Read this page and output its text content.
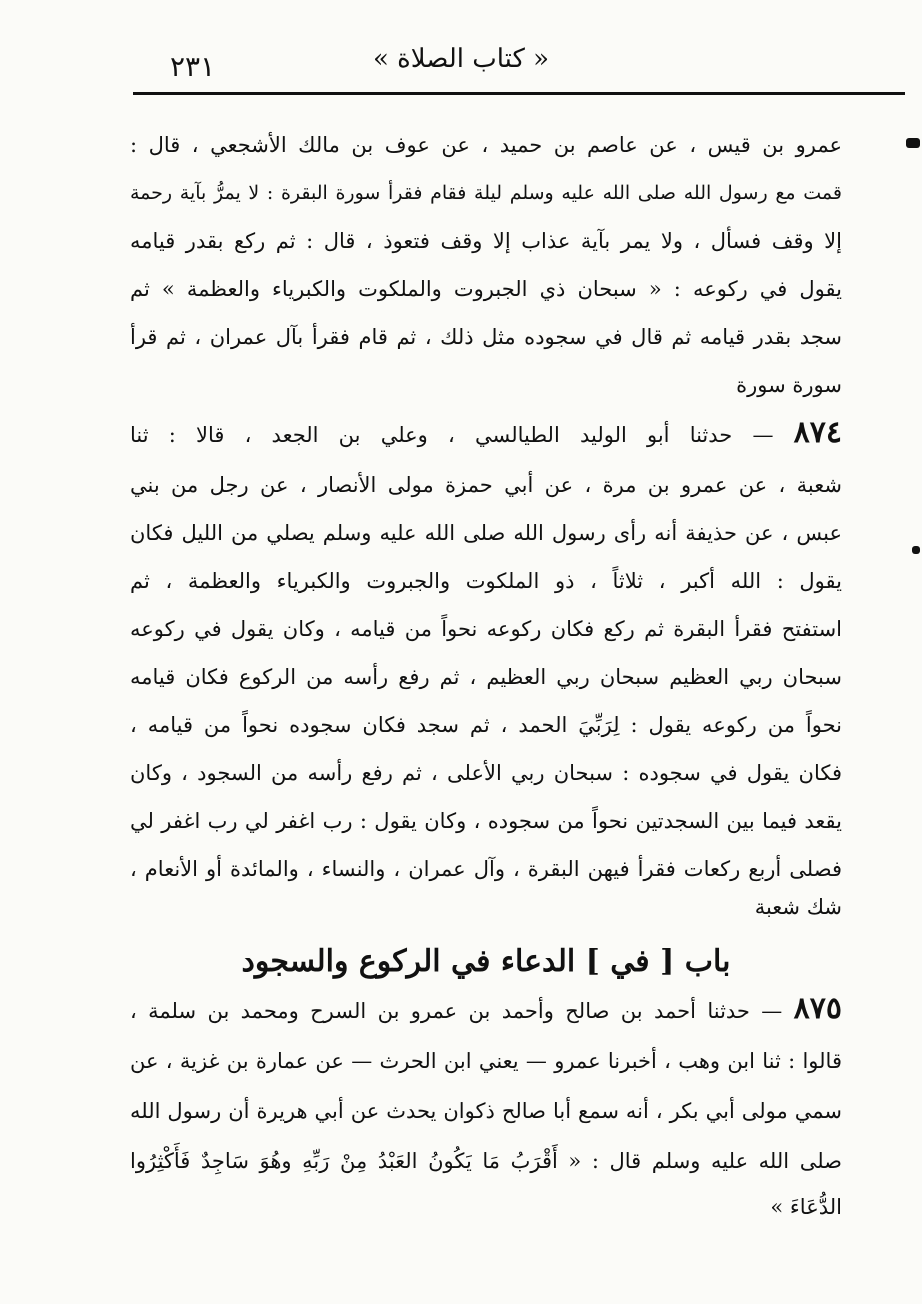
« كتاب الصلاة »
٢٣١
عمرو بن قيس ، عن عاصم بن حميد ، عن عوف بن مالك الأشجعي ، قال :
قمت مع رسول الله صلى الله عليه وسلم ليلة فقام فقرأ سورة البقرة : لا يمرُّ بآية رحمة
إلا وقف فسأل ، ولا يمر بآية عذاب إلا وقف فتعوذ ، قال : ثم ركع بقدر قيامه
يقول في ركوعه : « سبحان ذي الجبروت والملكوت والكبرياء والعظمة » ثم
سجد بقدر قيامه ثم قال في سجوده مثل ذلك ، ثم قام فقرأ بآل عمران ، ثم قرأ
سورة سورة
٨٧٤ — حدثنا أبو الوليد الطيالسي ، وعلي بن الجعد ، قالا : ثنا
شعبة ، عن عمرو بن مرة ، عن أبي حمزة مولى الأنصار ، عن رجل من بني
عبس ، عن حذيفة أنه رأى رسول الله صلى الله عليه وسلم يصلي من الليل فكان
يقول : الله أكبر ، ثلاثاً ، ذو الملكوت والجبروت والكبرياء والعظمة ، ثم
استفتح فقرأ البقرة ثم ركع فكان ركوعه نحواً من قيامه ، وكان يقول في ركوعه
سبحان ربي العظيم سبحان ربي العظيم ، ثم رفع رأسه من الركوع فكان قيامه
نحواً من ركوعه يقول : لِرَبِّيَ الحمد ، ثم سجد فكان سجوده نحواً من قيامه ،
فكان يقول في سجوده : سبحان ربي الأعلى ، ثم رفع رأسه من السجود ، وكان
يقعد فيما بين السجدتين نحواً من سجوده ، وكان يقول : رب اغفر لي رب اغفر لي
فصلى أربع ركعات فقرأ فيهن البقرة ، وآل عمران ، والنساء ، والمائدة أو الأنعام ،
شك شعبة
باب [ في ] الدعاء في الركوع والسجود
٨٧٥ — حدثنا أحمد بن صالح وأحمد بن عمرو بن السرح ومحمد بن سلمة ،
قالوا : ثنا ابن وهب ، أخبرنا عمرو — يعني ابن الحرث — عن عمارة بن غزية ، عن
سمي مولى أبي بكر ، أنه سمع أبا صالح ذكوان يحدث عن أبي هريرة أن رسول الله
صلى الله عليه وسلم قال : « أَقْرَبُ مَا يَكُونُ العَبْدُ مِنْ رَبِّهِ وهُوَ سَاجِدٌ فَأَكْثِرُوا
الدُّعَاءَ »
